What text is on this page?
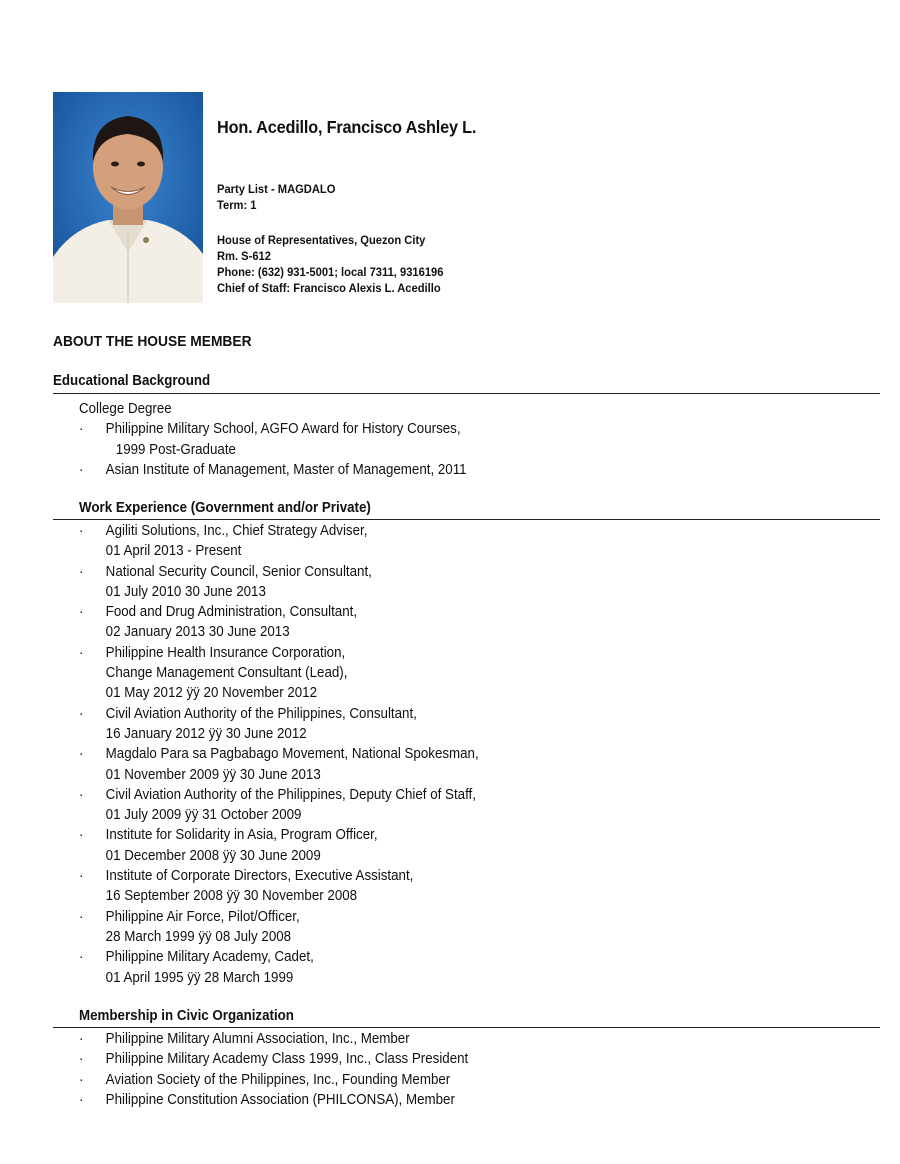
Hon. Acedillo, Francisco Ashley L.
Party List - MAGDALO
Term: 1
House of Representatives, Quezon City
Rm. S-612
Phone: (632) 931-5001; local 7311, 9316196
Chief of Staff: Francisco Alexis L. Acedillo
ABOUT THE HOUSE MEMBER
Educational Background
College Degree
·	Philippine Military School, AGFO Award for History Courses,
1999 Post-Graduate
·	Asian Institute of Management, Master of Management, 2011
Work Experience (Government and/or Private)
·	Agiliti Solutions, Inc., Chief Strategy Adviser,
01 April 2013 - Present
·	National Security Council, Senior Consultant,
01 July 2010 30 June 2013
·	Food and Drug Administration, Consultant,
02 January 2013 30 June 2013
·	Philippine Health Insurance Corporation,
Change Management Consultant (Lead),
01 May 2012 ÿÿ 20 November 2012
·	Civil Aviation Authority of the Philippines, Consultant,
16 January 2012 ÿÿ 30 June 2012
·	Magdalo Para sa Pagbabago Movement, National Spokesman,
01 November 2009 ÿÿ 30 June 2013
·	Civil Aviation Authority of the Philippines, Deputy Chief of Staff,
01 July 2009 ÿÿ 31 October 2009
·	Institute for Solidarity in Asia, Program Officer,
01 December 2008 ÿÿ 30 June 2009
·	Institute of Corporate Directors, Executive Assistant,
16 September 2008 ÿÿ 30 November 2008
·	Philippine Air Force, Pilot/Officer,
28 March 1999 ÿÿ 08 July 2008
·	Philippine Military Academy, Cadet,
01 April 1995 ÿÿ 28 March 1999
Membership in Civic Organization
·	Philippine Military Alumni Association, Inc., Member
·	Philippine Military Academy Class 1999, Inc., Class President
·	Aviation Society of the Philippines, Inc., Founding Member
·	Philippine Constitution Association (PHILCONSA), Member
